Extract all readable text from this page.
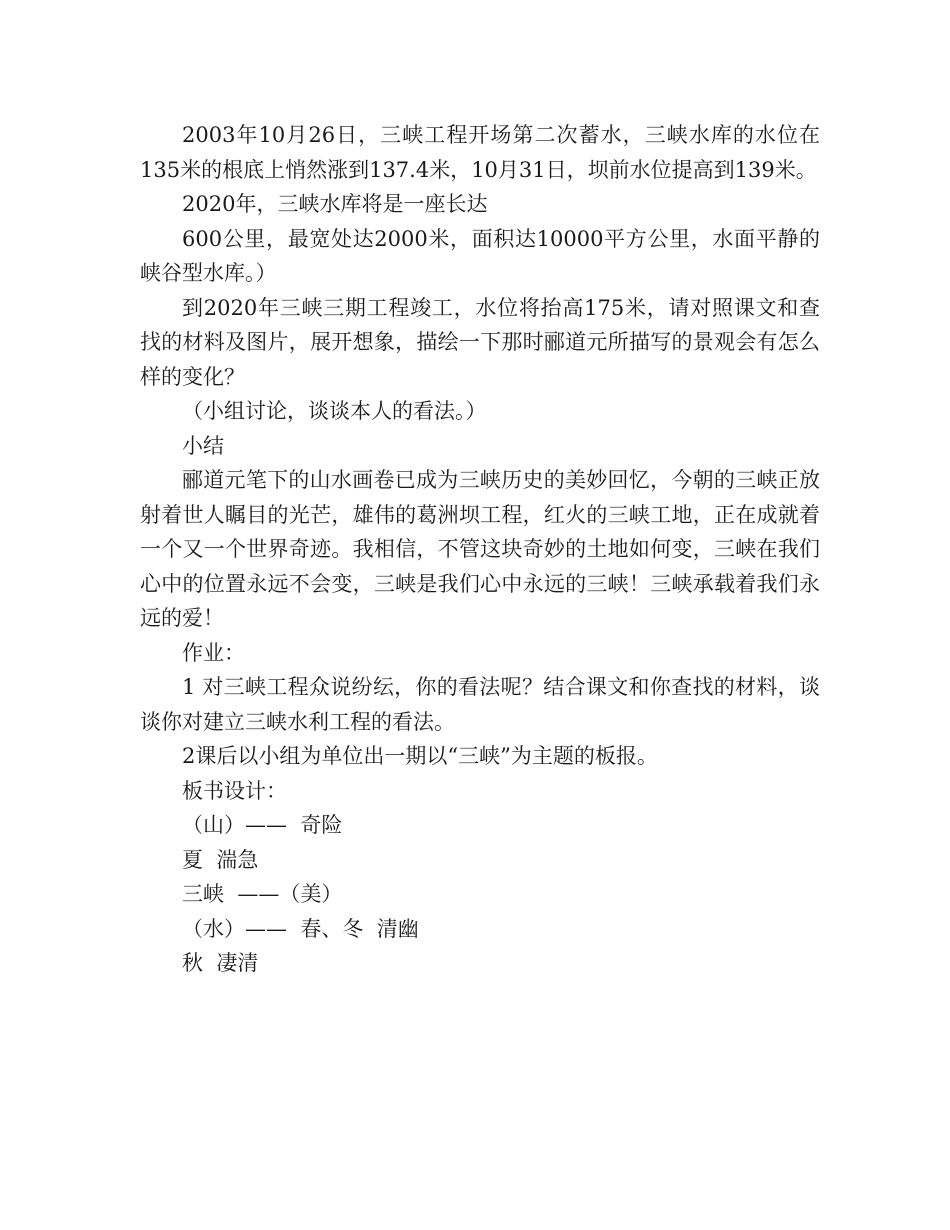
2003年10月26日，三峡工程开场第二次蓄水，三峡水库的水位在135米的根底上悄然涨到137.4米，10月31日，坝前水位提高到139米。

2020年，三峡水库将是一座长达

600公里，最宽处达2000米，面积达10000平方公里，水面平静的峡谷型水库。）

到2020年三峡三期工程竣工，水位将抬高175米，请对照课文和查找的材料及图片，展开想象，描绘一下那时郦道元所描写的景观会有怎么样的变化？

（小组讨论，谈谈本人的看法。）

小结

郦道元笔下的山水画卷已成为三峡历史的美妙回忆，今朝的三峡正放射着世人瞩目的光芒，雄伟的葛洲坝工程，红火的三峡工地，正在成就着一个又一个世界奇迹。我相信，不管这块奇妙的土地如何变，三峡在我们心中的位置永远不会变，三峡是我们心中永远的三峡！三峡承载着我们永远的爱！

作业：

1 对三峡工程众说纷纭，你的看法呢？结合课文和你查找的材料，谈谈你对建立三峡水利工程的看法。

2课后以小组为单位出一期以“三峡”为主题的板报。

板书设计：

（山）——  奇险

夏  湍急

三峡  ——（美）

（水）——  春、冬  清幽

秋  凄清
